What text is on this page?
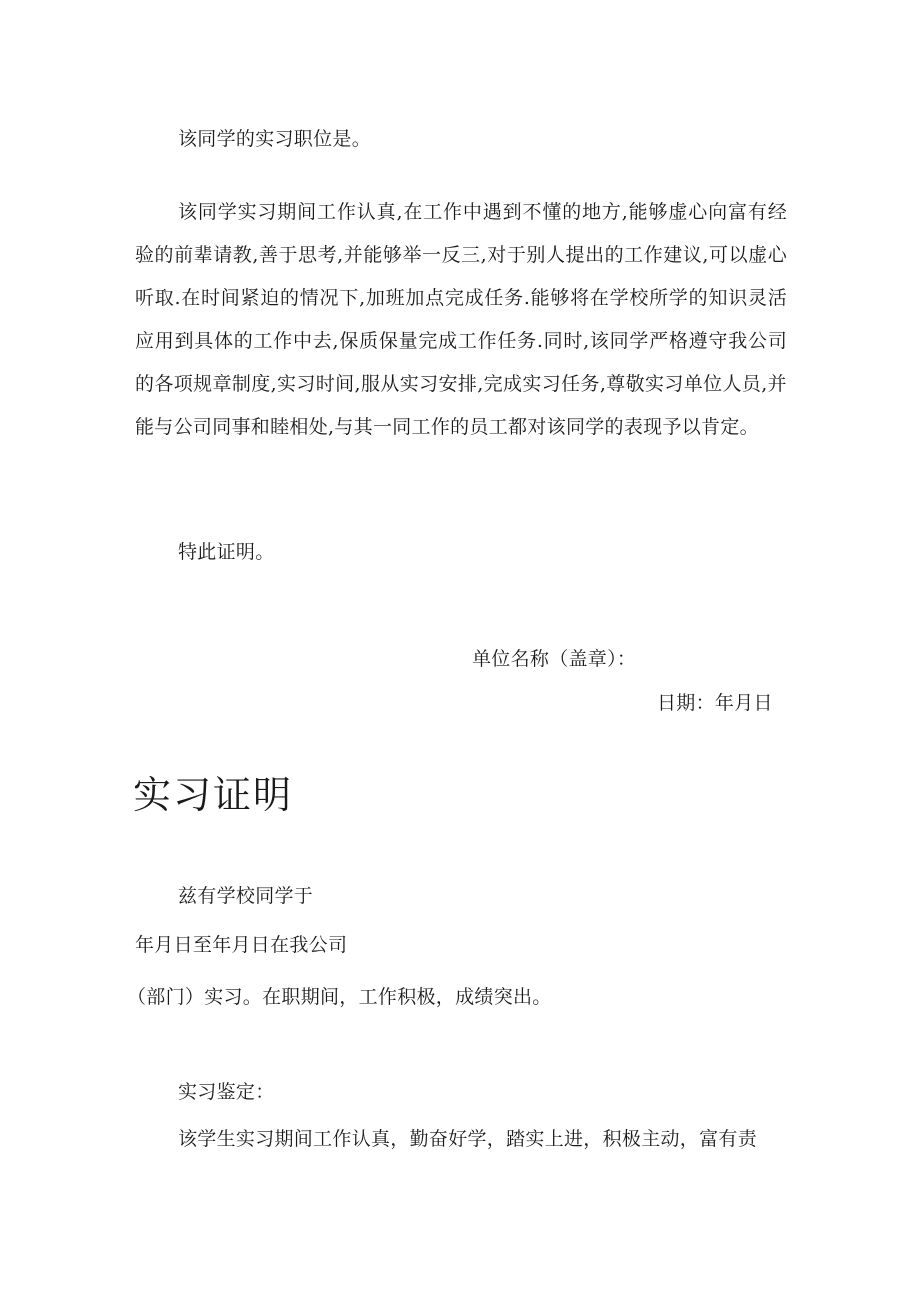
该同学的实习职位是。
该同学实习期间工作认真,在工作中遇到不懂的地方,能够虚心向富有经验的前辈请教,善于思考,并能够举一反三,对于别人提出的工作建议,可以虚心听取.在时间紧迫的情况下,加班加点完成任务.能够将在学校所学的知识灵活应用到具体的工作中去,保质保量完成工作任务.同时,该同学严格遵守我公司的各项规章制度,实习时间,服从实习安排,完成实习任务,尊敬实习单位人员,并能与公司同事和睦相处,与其一同工作的员工都对该同学的表现予以肯定。
特此证明。
单位名称（盖章）：
日期：年月日
实习证明
兹有学校同学于
年月日至年月日在我公司
（部门）实习。在职期间，工作积极，成绩突出。
实习鉴定：
该学生实习期间工作认真，勤奋好学，踏实上进，积极主动，富有责
